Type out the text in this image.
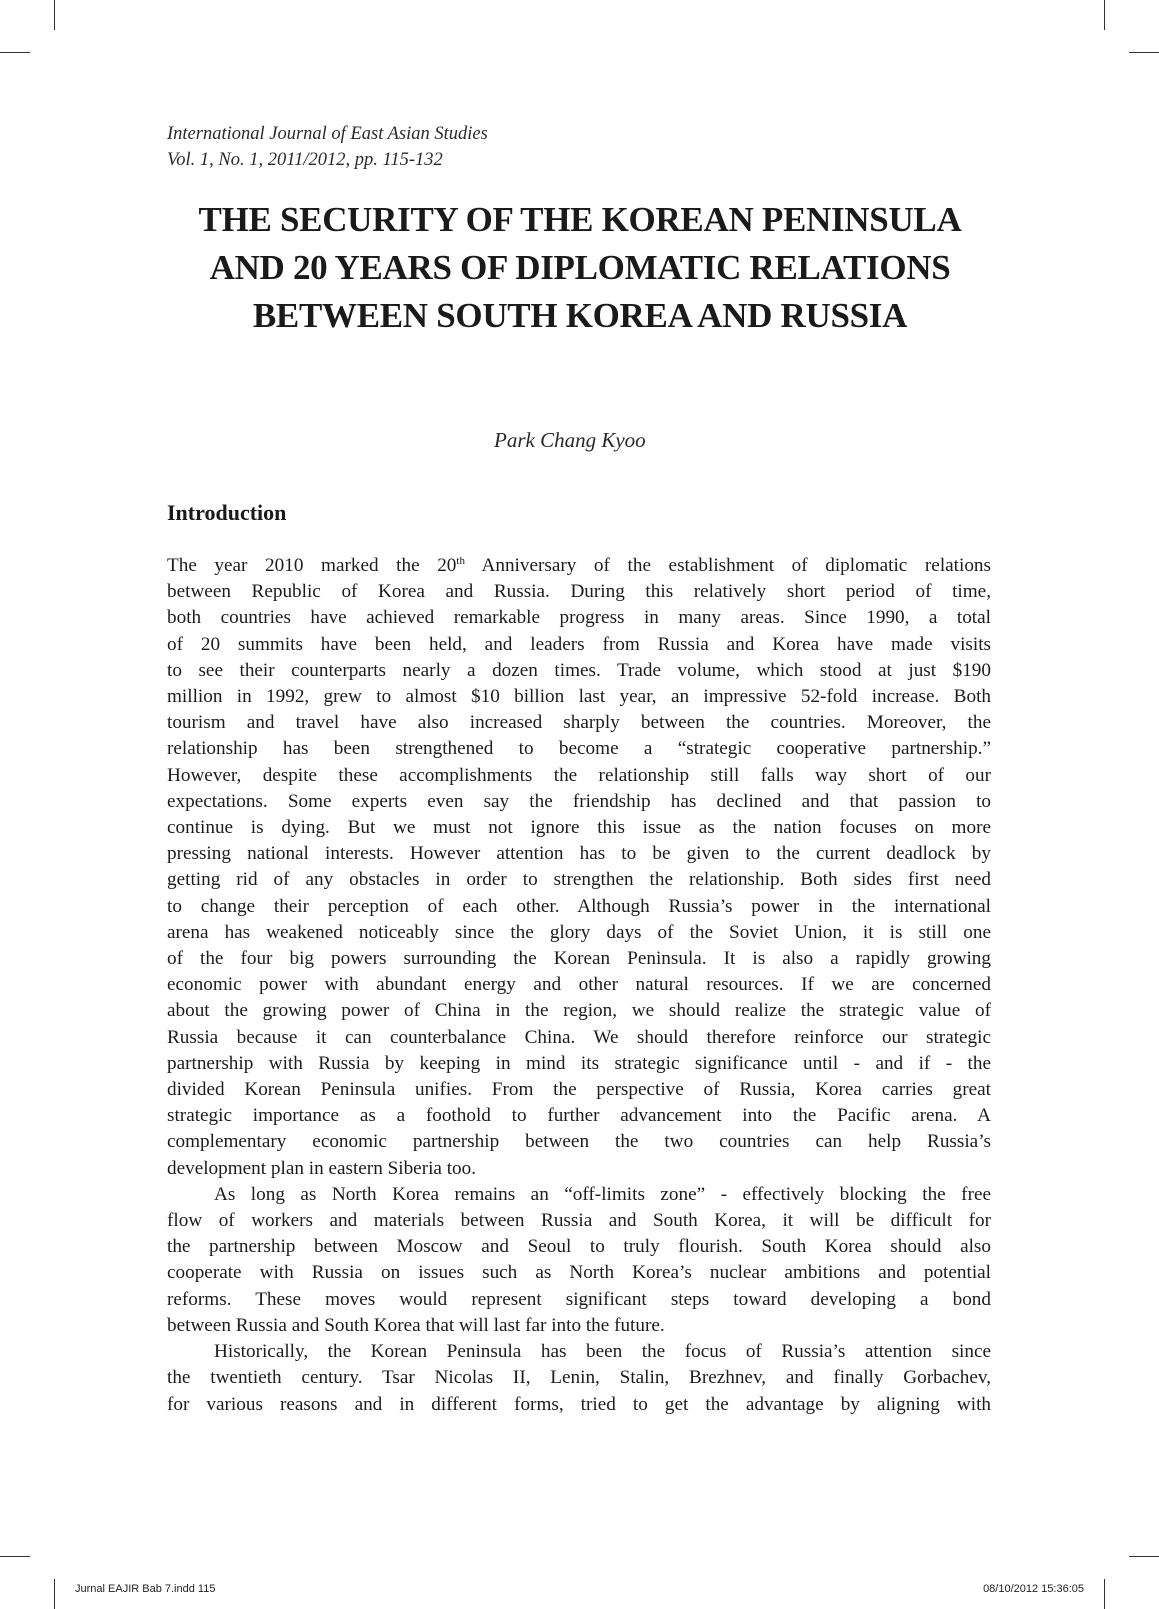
International Journal of East Asian Studies
Vol. 1, No. 1, 2011/2012, pp. 115-132
THE SECURITY OF THE KOREAN PENINSULA
AND 20 YEARS OF DIPLOMATIC RELATIONS
BETWEEN SOUTH KOREA AND RUSSIA
Park Chang Kyoo
Introduction

The year 2010 marked the 20th Anniversary of the establishment of diplomatic relations
between Republic of Korea and Russia. During this relatively short period of time,
both countries have achieved remarkable progress in many areas. Since 1990, a total
of 20 summits have been held, and leaders from Russia and Korea have made visits
to see their counterparts nearly a dozen times. Trade volume, which stood at just $190
million in 1992, grew to almost $10 billion last year, an impressive 52-fold increase. Both
tourism and travel have also increased sharply between the countries. Moreover, the
relationship has been strengthened to become a “strategic cooperative partnership.”
However, despite these accomplishments the relationship still falls way short of our
expectations. Some experts even say the friendship has declined and that passion to
continue is dying. But we must not ignore this issue as the nation focuses on more
pressing national interests. However attention has to be given to the current deadlock by
getting rid of any obstacles in order to strengthen the relationship. Both sides first need
to change their perception of each other. Although Russia’s power in the international
arena has weakened noticeably since the glory days of the Soviet Union, it is still one
of the four big powers surrounding the Korean Peninsula. It is also a rapidly growing
economic power with abundant energy and other natural resources. If we are concerned
about the growing power of China in the region, we should realize the strategic value of
Russia because it can counterbalance China. We should therefore reinforce our strategic
partnership with Russia by keeping in mind its strategic significance until - and if - the
divided Korean Peninsula unifies. From the perspective of Russia, Korea carries great
strategic importance as a foothold to further advancement into the Pacific arena. A
complementary economic partnership between the two countries can help Russia’s
development plan in eastern Siberia too.

As long as North Korea remains an “off-limits zone” - effectively blocking the free
flow of workers and materials between Russia and South Korea, it will be difficult for
the partnership between Moscow and Seoul to truly flourish. South Korea should also
cooperate with Russia on issues such as North Korea’s nuclear ambitions and potential
reforms. These moves would represent significant steps toward developing a bond
between Russia and South Korea that will last far into the future.

Historically, the Korean Peninsula has been the focus of Russia’s attention since
the twentieth century. Tsar Nicolas II, Lenin, Stalin, Brezhnev, and finally Gorbachev,
for various reasons and in different forms, tried to get the advantage by aligning with

Jurnal EAJIR Bab 7.indd 115	08/10/2012 15:36:05
